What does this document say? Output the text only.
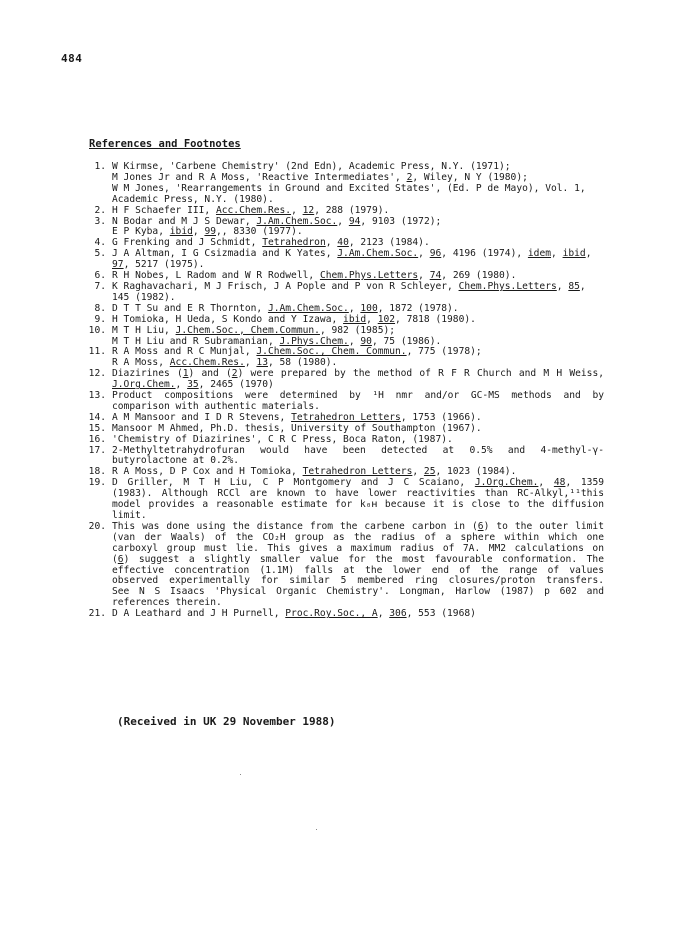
484
References and Footnotes
1. W Kirmse, 'Carbene Chemistry' (2nd Edn), Academic Press, N.Y. (1971);
M Jones Jr and R A Moss, 'Reactive Intermediates', 2, Wiley, N Y (1980);
W M Jones, 'Rearrangements in Ground and Excited States', (Ed. P de Mayo), Vol. 1,
Academic Press, N.Y. (1980).
2. H F Schaefer III, Acc.Chem.Res., 12, 288 (1979).
3. N Bodar and M J S Dewar, J.Am.Chem.Soc., 94, 9103 (1972);
E P Kyba, ibid, 99,, 8330 (1977).
4. G Frenking and J Schmidt, Tetrahedron, 40, 2123 (1984).
5. J A Altman, I G Csizmadia and K Yates, J.Am.Chem.Soc., 96, 4196 (1974), idem, ibid,
97, 5217 (1975).
6. R H Nobes, L Radom and W R Rodwell, Chem.Phys.Letters, 74, 269 (1980).
7. K Raghavachari, M J Frisch, J A Pople and P von R Schleyer, Chem.Phys.Letters, 85,
145 (1982).
8. D T T Su and E R Thornton, J.Am.Chem.Soc., 100, 1872 (1978).
9. H Tomioka, H Ueda, S Kondo and Y Izawa, ibid, 102, 7818 (1980).
10. M T H Liu, J.Chem.Soc., Chem.Commun., 982 (1985);
M T H Liu and R Subramanian, J.Phys.Chem., 90, 75 (1986).
11. R A Moss and R C Munjal, J.Chem.Soc., Chem. Commun., 775 (1978);
R A Moss, Acc.Chem.Res., 13, 58 (1980).
12. Diazirines (1) and (2) were prepared by the method of R F R Church and M H Weiss,
J.Org.Chem., 35, 2465 (1970)
13. Product compositions were determined by ¹H nmr and/or GC-MS methods and by
comparison with authentic materials.
14. A M Mansoor and I D R Stevens, Tetrahedron Letters, 1753 (1966).
15. Mansoor M Ahmed, Ph.D. thesis, University of Southampton (1967).
16. 'Chemistry of Diazirines', C R C Press, Boca Raton, (1987).
17. 2-Methyltetrahydrofuran would have been detected at 0.5% and 4-methyl-γ-
butyrolactone at 0.2%.
18. R A Moss, D P Cox and H Tomioka, Tetrahedron Letters, 25, 1023 (1984).
19. D Griller, M T H Liu, C P Montgomery and J C Scaiano, J.Org.Chem., 48, 1359
(1983). Although RCCl are known to have lower reactivities than RC-Alkyl,¹¹this
model provides a reasonable estimate for k₀ʜ because it is close to the diffusion
limit.
20. This was done using the distance from the carbene carbon in (6) to the outer limit
(van der Waals) of the CO₂H group as the radius of a sphere within which one
carboxyl group must lie. This gives a maximum radius of 7A. MM2 calculations on
(6) suggest a slightly smaller value for the most favourable conformation. The
effective concentration (1.1M) falls at the lower end of the range of values
observed experimentally for similar 5 membered ring closures/proton transfers.
See N S Isaacs 'Physical Organic Chemistry'. Longman, Harlow (1987) p 602 and
references therein.
21. D A Leathard and J H Purnell, Proc.Roy.Soc., A, 306, 553 (1968)
(Received in UK 29 November 1988)
